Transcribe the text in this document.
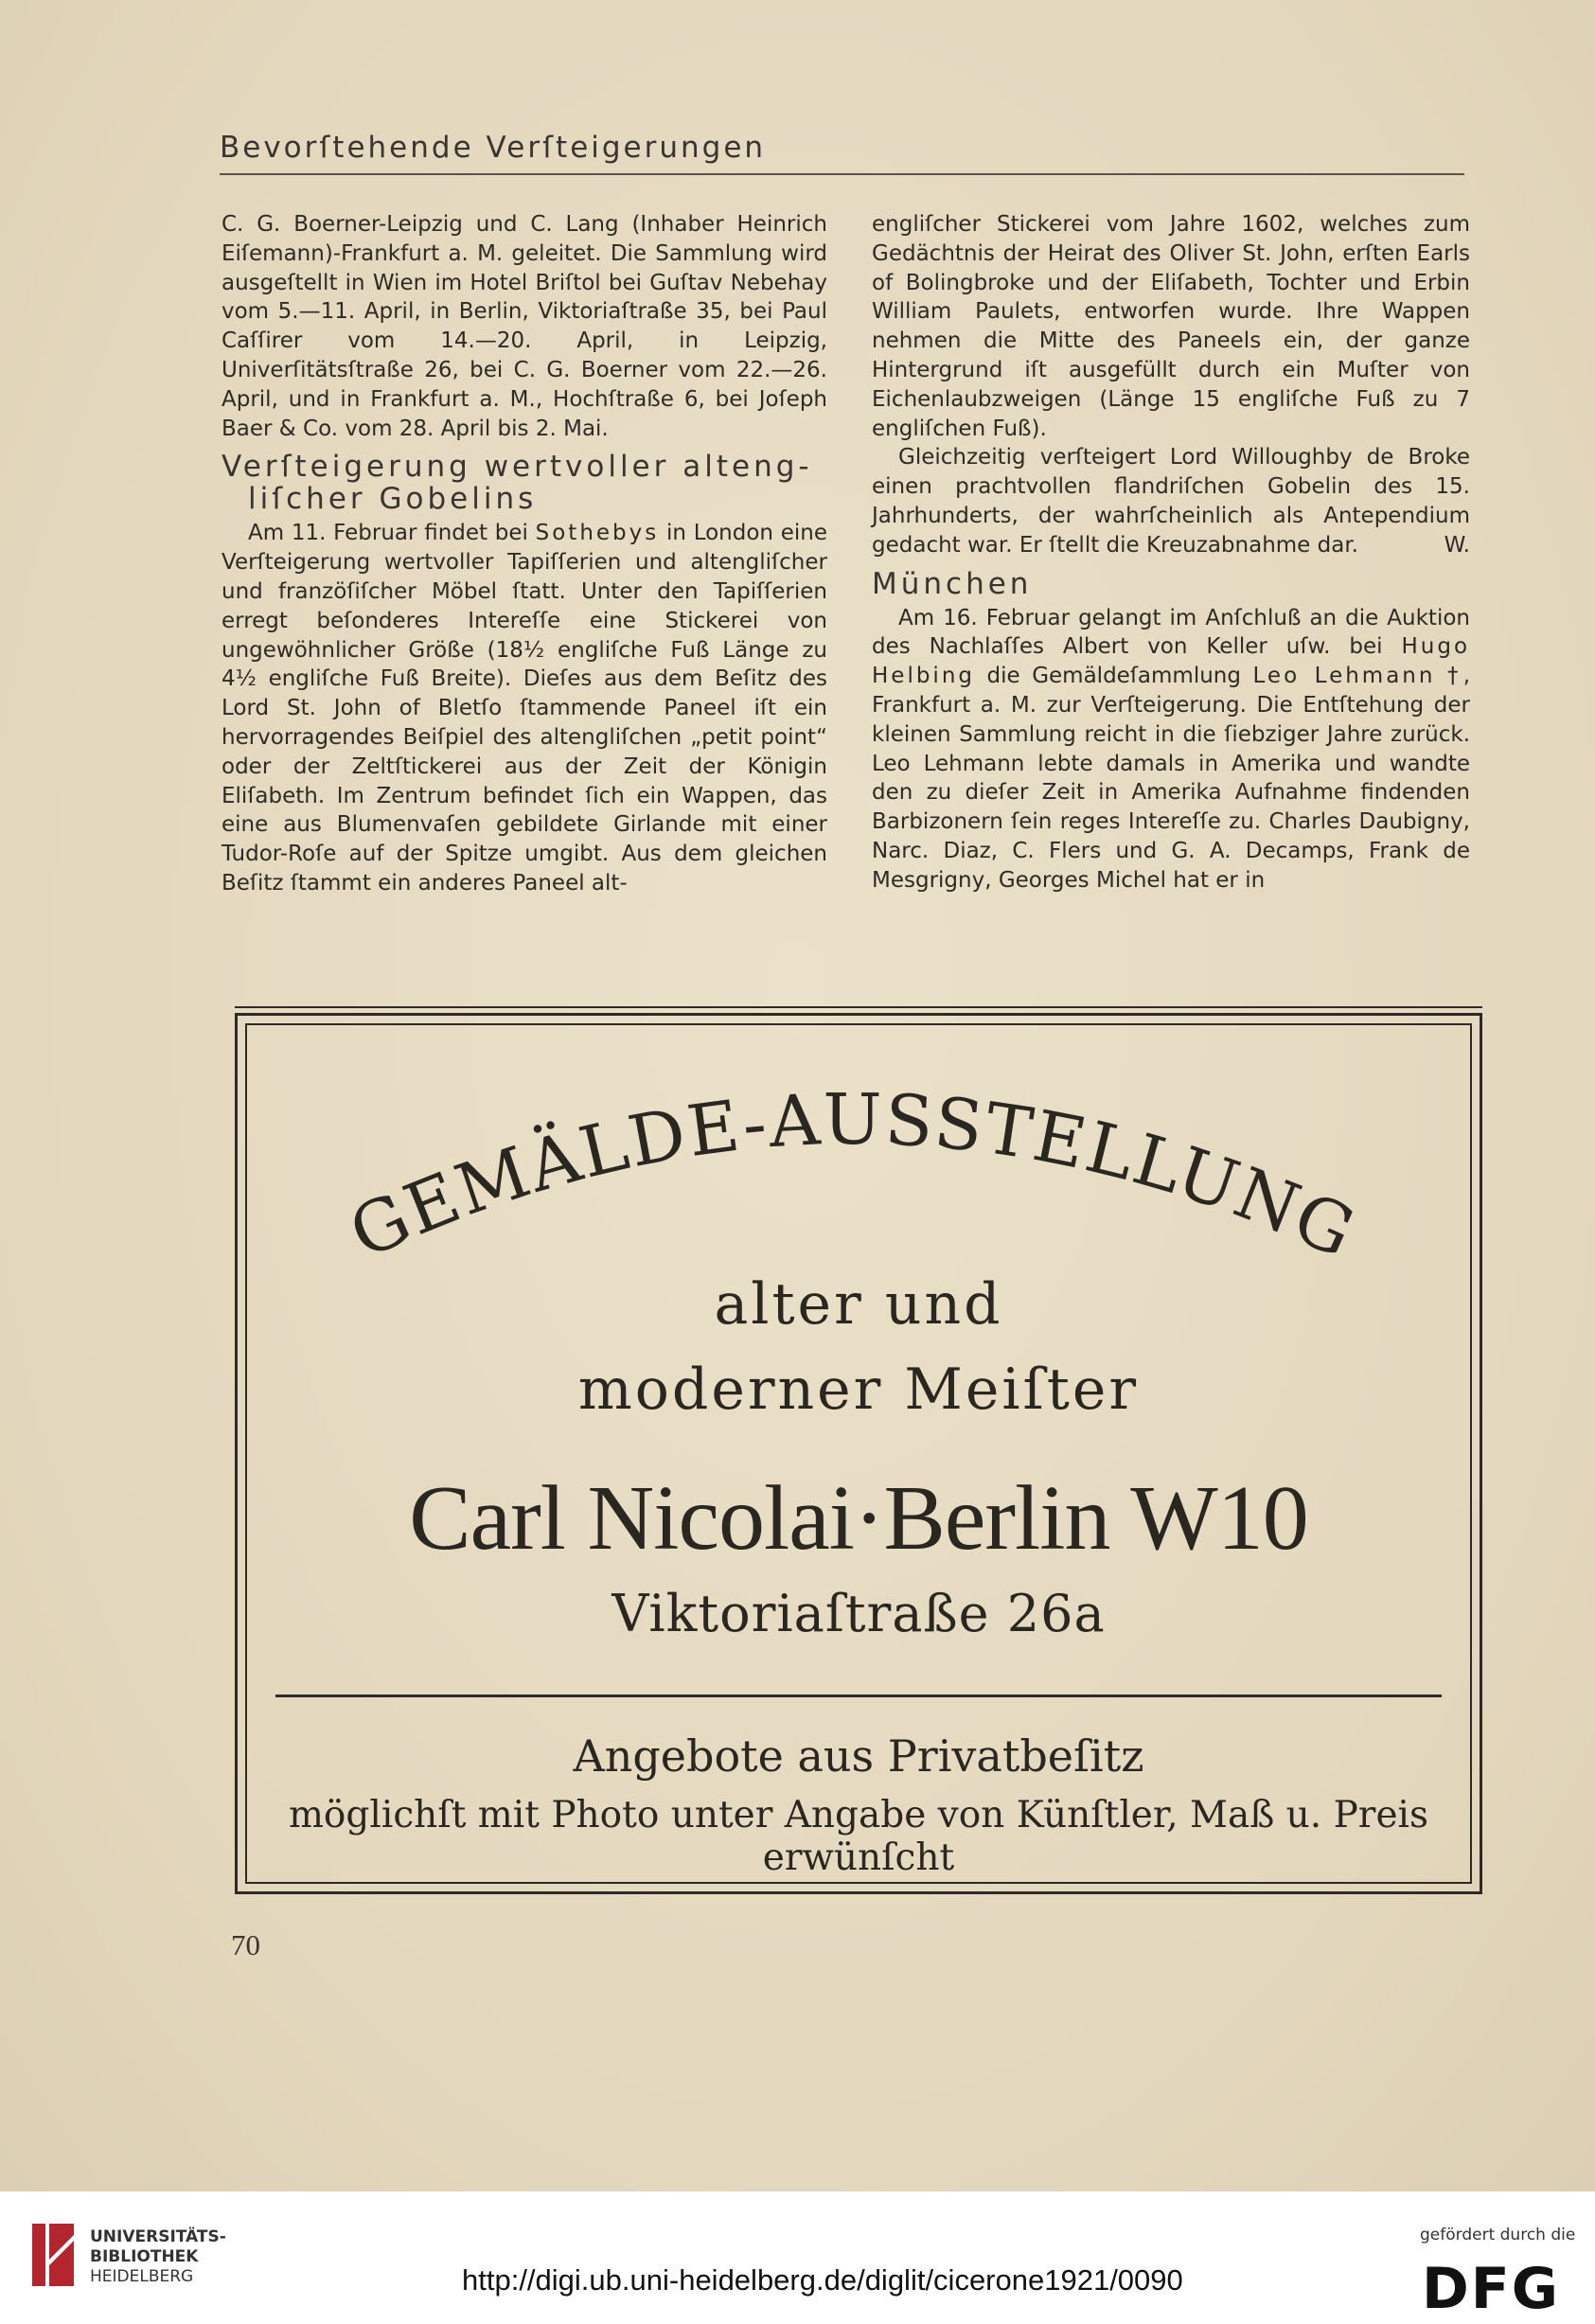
Bevorſtehende Verſteigerungen

C. G. Boerner-Leipzig und C. Lang (Inhaber Heinrich Eiſemann)-Frankfurt a. M. geleitet. Die Sammlung wird ausgeſtellt in Wien im Hotel Briſtol bei Guſtav Nebehay vom 5.—11. April, in Berlin, Viktoriaſtraße 35, bei Paul Caſſirer vom 14.—20. April, in Leipzig, Univerſitätsſtraße 26, bei C. G. Boerner vom 22.—26. April, und in Frankfurt a. M., Hochſtraße 6, bei Joſeph Baer & Co. vom 28. April bis 2. Mai.

Verſteigerung wertvoller alteng-
liſcher Gobelins

Am 11. Februar findet bei Sothebys in London eine Verſteigerung wertvoller Tapiſſerien und altengliſcher und franzöſiſcher Möbel ſtatt. Unter den Tapiſſerien erregt beſonderes Intereſſe eine Stickerei von ungewöhnlicher Größe (18½ engliſche Fuß Länge zu 4½ engliſche Fuß Breite). Dieſes aus dem Beſitz des Lord St. John of Bletſo ſtammende Paneel iſt ein hervorragendes Beiſpiel des altengliſchen „petit point“ oder der Zeltſtickerei aus der Zeit der Königin Eliſabeth. Im Zentrum befindet ſich ein Wappen, das eine aus Blumenvaſen gebildete Girlande mit einer Tudor-Roſe auf der Spitze umgibt. Aus dem gleichen Beſitz ſtammt ein anderes Paneel alt-

engliſcher Stickerei vom Jahre 1602, welches zum Gedächtnis der Heirat des Oliver St. John, erſten Earls of Bolingbroke und der Eliſabeth, Tochter und Erbin William Paulets, entworfen wurde. Ihre Wappen nehmen die Mitte des Paneels ein, der ganze Hintergrund iſt ausgefüllt durch ein Muſter von Eichenlaubzweigen (Länge 15 engliſche Fuß zu 7 engliſchen Fuß).

Gleichzeitig verſteigert Lord Willoughby de Broke einen prachtvollen flandriſchen Gobelin des 15. Jahrhunderts, der wahrſcheinlich als Antependium gedacht war. Er ſtellt die Kreuzabnahme dar.	W.

München

Am 16. Februar gelangt im Anſchluß an die Auktion des Nachlaſſes Albert von Keller uſw. bei Hugo Helbing die Gemäldeſammlung Leo Lehmann †, Frankfurt a. M. zur Verſteigerung. Die Entſtehung der kleinen Sammlung reicht in die ſiebziger Jahre zurück. Leo Lehmann lebte damals in Amerika und wandte den zu dieſer Zeit in Amerika Aufnahme findenden Barbizonern ſein reges Intereſſe zu. Charles Daubigny, Narc. Diaz, C. Flers und G. A. Decamps, Frank de Mesgrigny, Georges Michel hat er in

GEMÄLDE-AUSSTELLUNG
alter und
moderner Meiſter
Carl Nicolai·Berlin W10
Viktoriaſtraße 26a
Angebote aus Privatbeſitz
möglichſt mit Photo unter Angabe von Künſtler, Maß u. Preis erwünſcht
70
UNIVERSITÄTS-
BIBLIOTHEK
HEIDELBERG	http://digi.ub.uni-heidelberg.de/diglit/cicerone1921/0090
gefördert durch die
DFG
